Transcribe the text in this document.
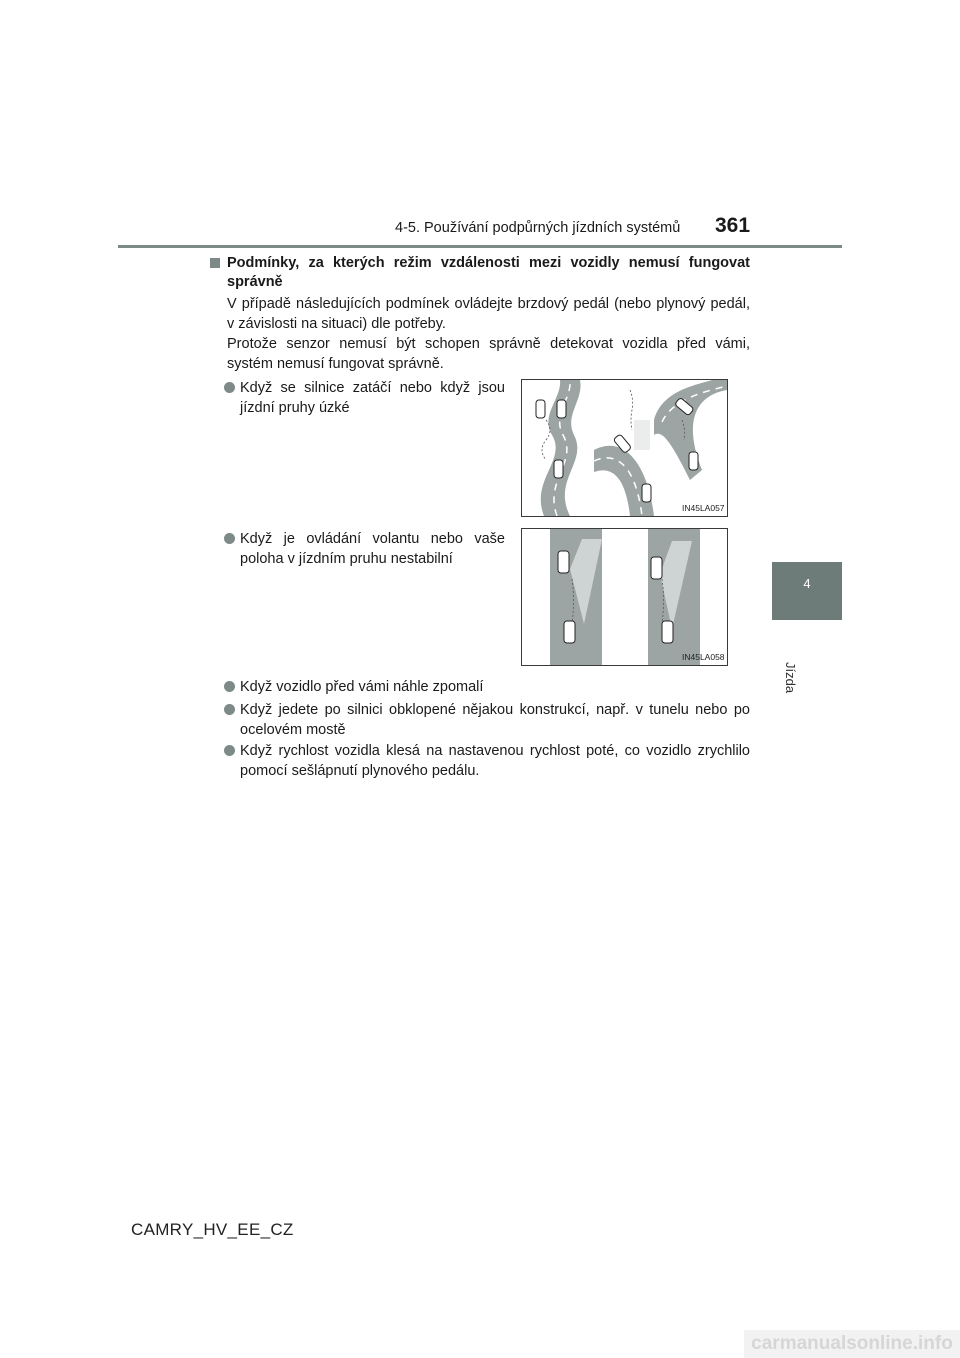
4-5. Používání podpůrných jízdních systémů 361
4
Jízda
Podmínky, za kterých režim vzdálenosti mezi vozidly nemusí fungovat správně
V případě následujících podmínek ovládejte brzdový pedál (nebo plynový pedál, v závislosti na situaci) dle potřeby.
Protože senzor nemusí být schopen správně detekovat vozidla před vámi, systém nemusí fungovat správně.
Když se silnice zatáčí nebo když jsou jízdní pruhy úzké
Když je ovládání volantu nebo vaše poloha v jízdním pruhu nestabilní
Když vozidlo před vámi náhle zpomalí
Když jedete po silnici obklopené nějakou konstrukcí, např. v tunelu nebo po ocelovém mostě
Když rychlost vozidla klesá na nastavenou rychlost poté, co vozidlo zrychlilo pomocí sešlápnutí plynového pedálu.
IN45LA057
IN45LA058
CAMRY_HV_EE_CZ
carmanualsonline.info
